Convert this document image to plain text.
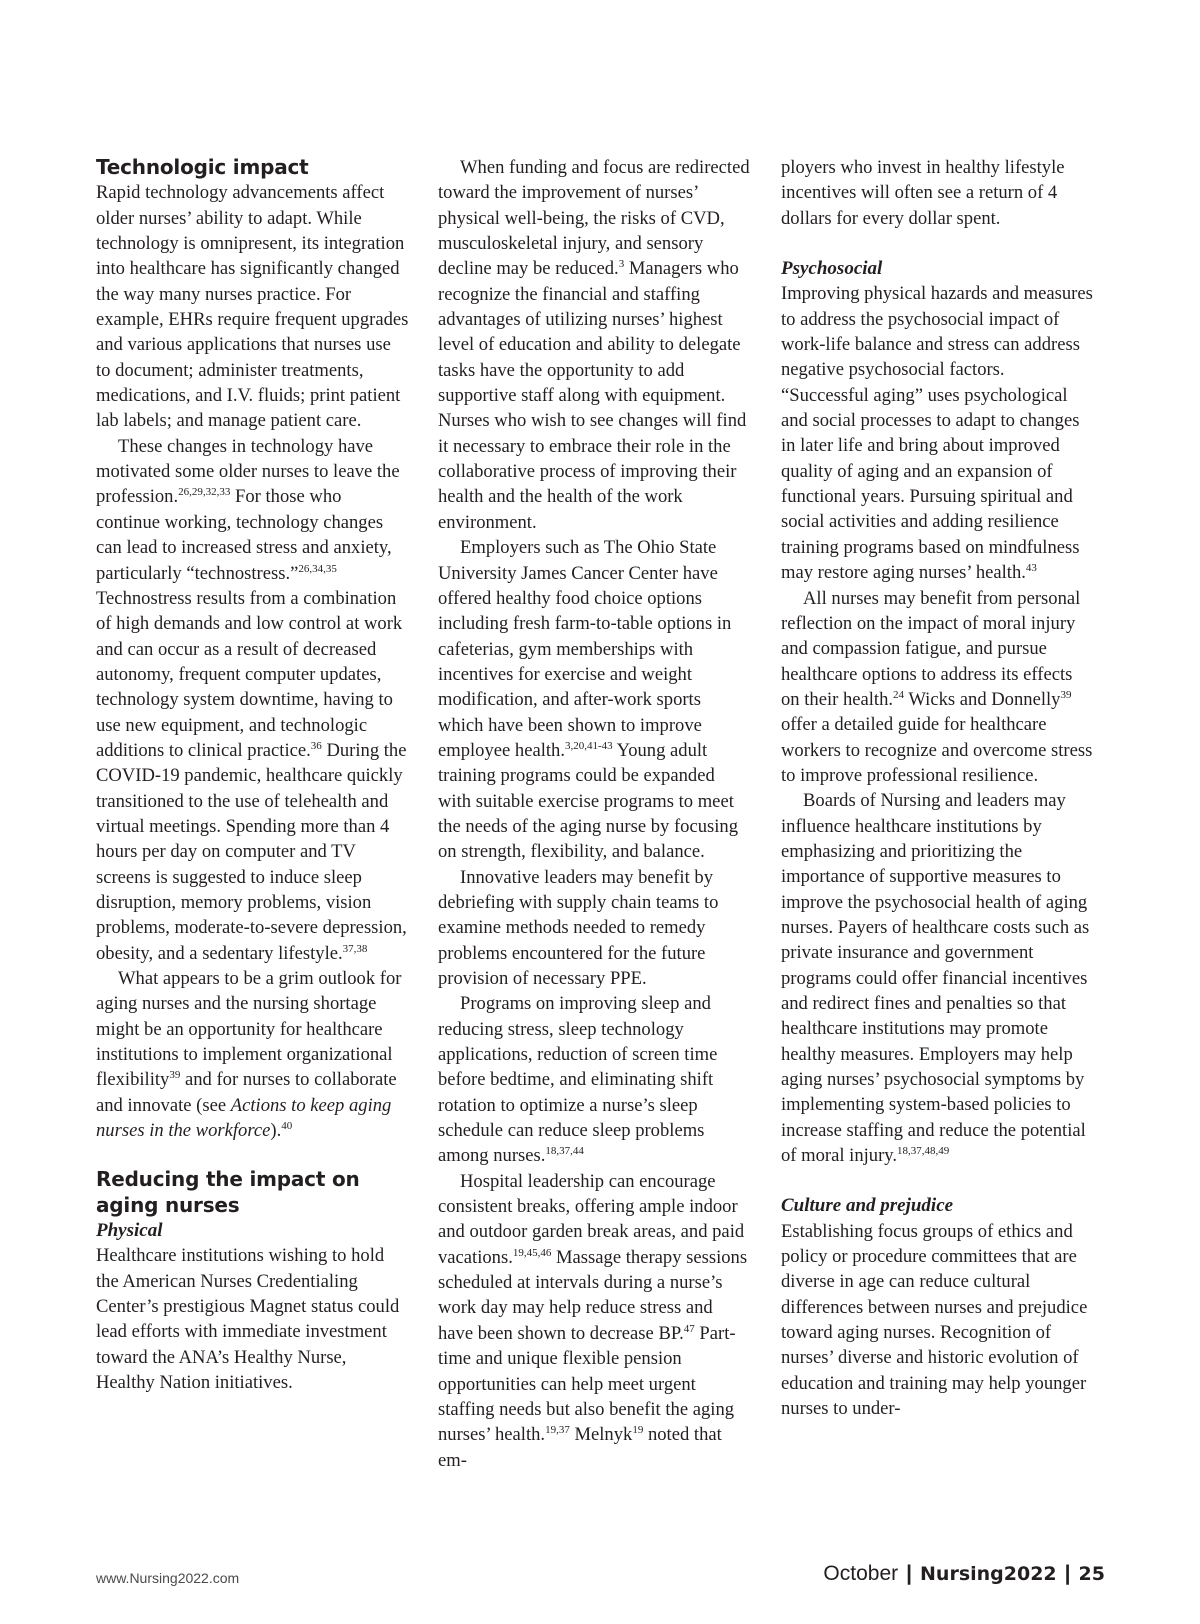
Technologic impact

Rapid technology advancements affect older nurses’ ability to adapt. While technology is omnipresent, its integration into healthcare has significantly changed the way many nurses practice. For example, EHRs require frequent upgrades and various applications that nurses use to document; administer treatments, medications, and I.V. fluids; print patient lab labels; and manage patient care.

These changes in technology have motivated some older nurses to leave the profession.$^{26,29,32,33}$ For those who continue working, technology changes can lead to increased stress and anxiety, particularly “technostress.”$^{26,34,35}$ Technostress results from a combination of high demands and low control at work and can occur as a result of decreased autonomy, frequent computer updates, technology system downtime, having to use new equipment, and technologic additions to clinical practice.$^{36}$ During the COVID-19 pandemic, healthcare quickly transitioned to the use of telehealth and virtual meetings. Spending more than 4 hours per day on computer and TV screens is suggested to induce sleep disruption, memory problems, vision problems, moderate-to-severe depression, obesity, and a sedentary lifestyle.$^{37,38}$

What appears to be a grim outlook for aging nurses and the nursing shortage might be an opportunity for healthcare institutions to implement organizational flexibility$^{39}$ and for nurses to collaborate and innovate (see Actions to keep aging nurses in the workforce).$^{40}$

Reducing the impact on aging nurses
Physical

Healthcare institutions wishing to hold the American Nurses Credentialing Center’s prestigious Magnet status could lead efforts with immediate investment toward the ANA’s Healthy Nurse, Healthy Nation initiatives.

When funding and focus are redirected toward the improvement of nurses’ physical well-being, the risks of CVD, musculoskeletal injury, and sensory decline may be reduced.$^3$ Managers who recognize the financial and staffing advantages of utilizing nurses’ highest level of education and ability to delegate tasks have the opportunity to add supportive staff along with equipment. Nurses who wish to see changes will find it necessary to embrace their role in the collaborative process of improving their health and the health of the work environment.

Employers such as The Ohio State University James Cancer Center have offered healthy food choice options including fresh farm-to-table options in cafeterias, gym memberships with incentives for exercise and weight modification, and after-work sports which have been shown to improve employee health.$^{3,20,41-43}$ Young adult training programs could be expanded with suitable exercise programs to meet the needs of the aging nurse by focusing on strength, flexibility, and balance.

Innovative leaders may benefit by debriefing with supply chain teams to examine methods needed to remedy problems encountered for the future provision of necessary PPE.

Programs on improving sleep and reducing stress, sleep technology applications, reduction of screen time before bedtime, and eliminating shift rotation to optimize a nurse’s sleep schedule can reduce sleep problems among nurses.$^{18,37,44}$

Hospital leadership can encourage consistent breaks, offering ample indoor and outdoor garden break areas, and paid vacations.$^{19,45,46}$ Massage therapy sessions scheduled at intervals during a nurse’s work day may help reduce stress and have been shown to decrease BP.$^{47}$ Part-time and unique flexible pension opportunities can help meet urgent staffing needs but also benefit the aging nurses’ health.$^{19,37}$ Melnyk$^{19}$ noted that em-

ployers who invest in healthy lifestyle incentives will often see a return of 4 dollars for every dollar spent.

Psychosocial

Improving physical hazards and measures to address the psychosocial impact of work-life balance and stress can address negative psychosocial factors. “Successful aging” uses psychological and social processes to adapt to changes in later life and bring about improved quality of aging and an expansion of functional years. Pursuing spiritual and social activities and adding resilience training programs based on mindfulness may restore aging nurses’ health.$^{43}$

All nurses may benefit from personal reflection on the impact of moral injury and compassion fatigue, and pursue healthcare options to address its effects on their health.$^{24}$ Wicks and Donnelly$^{39}$ offer a detailed guide for healthcare workers to recognize and overcome stress to improve professional resilience.

Boards of Nursing and leaders may influence healthcare institutions by emphasizing and prioritizing the importance of supportive measures to improve the psychosocial health of aging nurses. Payers of healthcare costs such as private insurance and government programs could offer financial incentives and redirect fines and penalties so that healthcare institutions may promote healthy measures. Employers may help aging nurses’ psychosocial symptoms by implementing system-based policies to increase staffing and reduce the potential of moral injury.$^{18,37,48,49}$

Culture and prejudice

Establishing focus groups of ethics and policy or procedure committees that are diverse in age can reduce cultural differences between nurses and prejudice toward aging nurses. Recognition of nurses’ diverse and historic evolution of education and training may help younger nurses to under-

www.Nursing2022.com	October | Nursing2022 | 25
